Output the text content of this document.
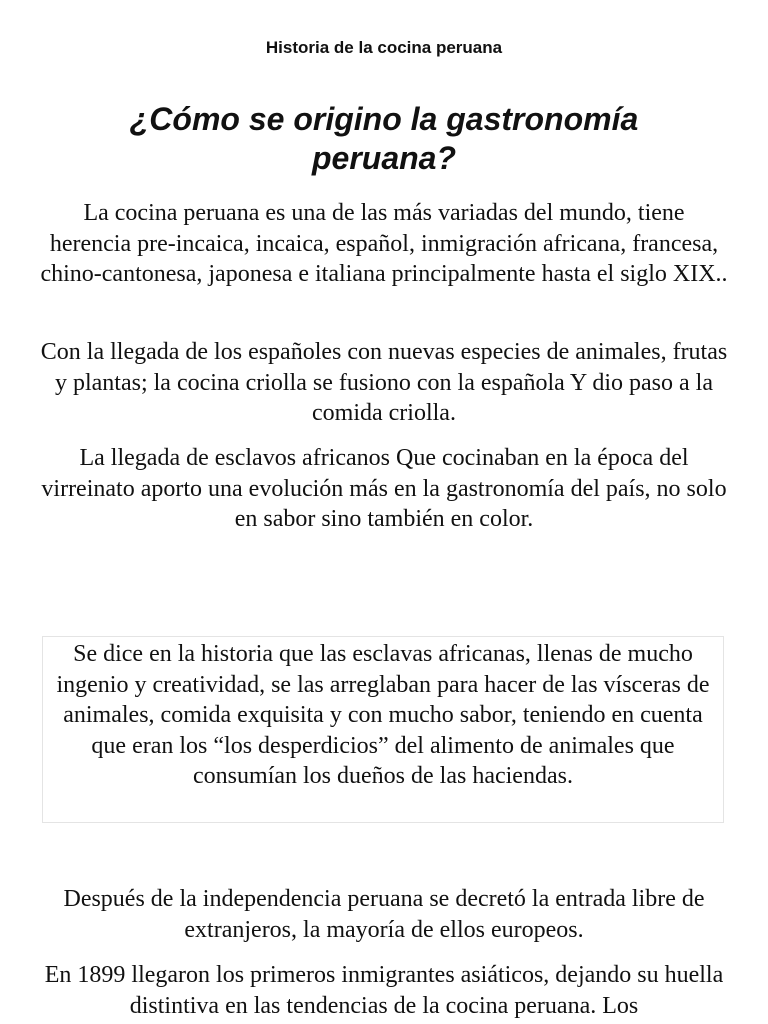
Historia de la cocina peruana
¿Cómo se origino la gastronomía peruana?

La cocina peruana es una de las más variadas del mundo, tiene herencia pre-incaica, incaica, español, inmigración africana, francesa, chino-cantonesa, japonesa e italiana principalmente hasta el siglo XIX..

Con la llegada de los españoles con nuevas especies de animales, frutas y plantas; la cocina criolla se fusiono con la española Y dio paso a la comida criolla.

La llegada de esclavos africanos Que cocinaban en la época del virreinato aporto una evolución más en la gastronomía del país, no solo en sabor sino también en color.

Se dice en la historia que las esclavas africanas, llenas de mucho ingenio y creatividad, se las arreglaban para hacer de las vísceras de animales, comida exquisita y con mucho sabor, teniendo en cuenta que eran los “los desperdicios” del alimento de animales que consumían los dueños de las haciendas.

Después de la independencia peruana se decretó la entrada libre de extranjeros, la mayoría de ellos europeos.

En 1899 llegaron los primeros inmigrantes asiáticos, dejando su huella distintiva en las tendencias de la cocina peruana. Los
